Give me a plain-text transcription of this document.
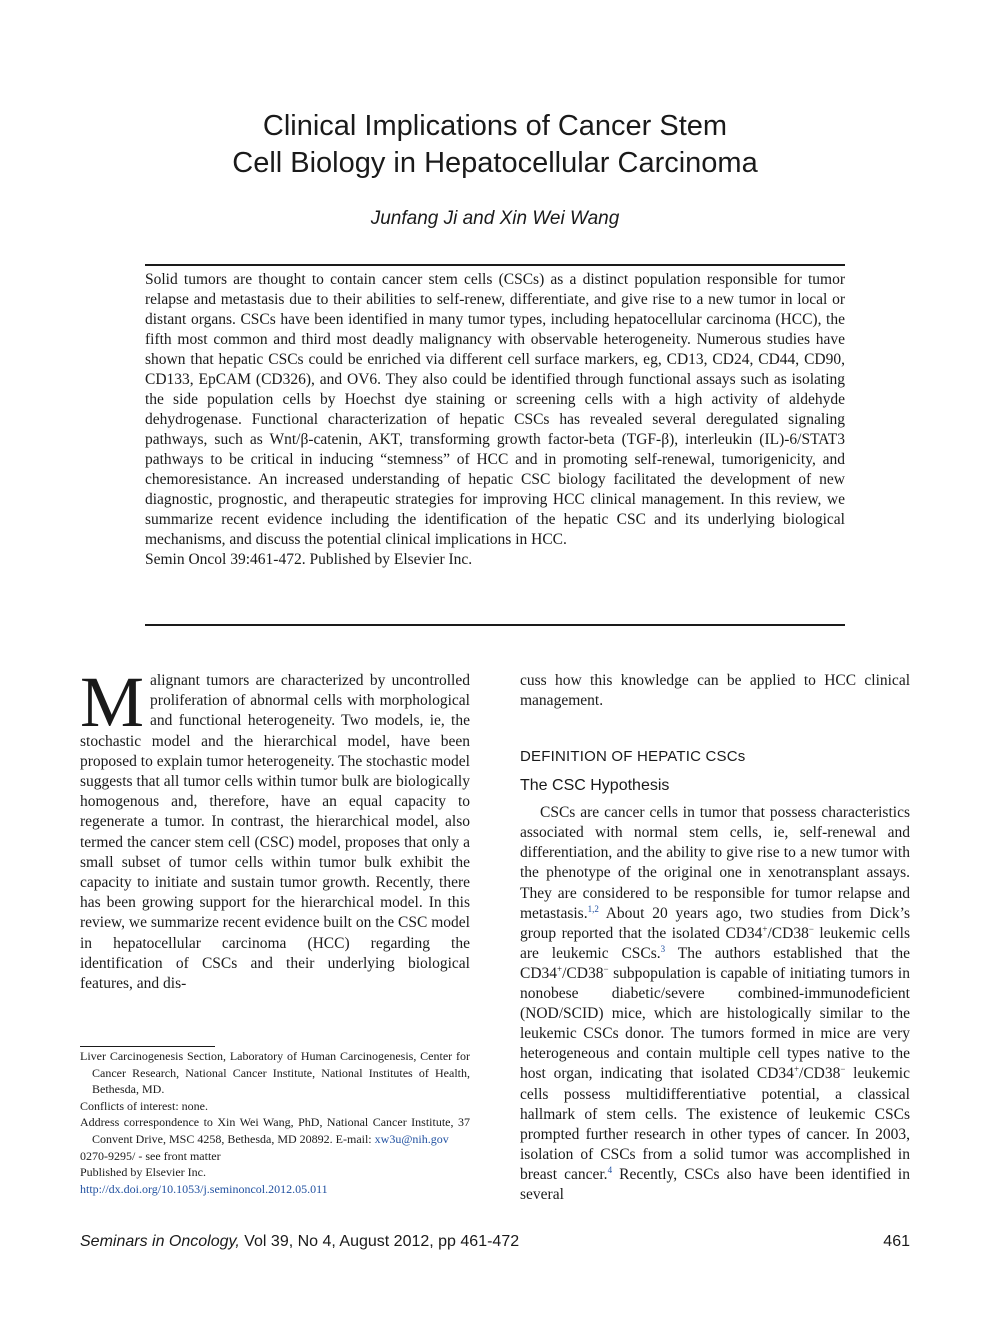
Clinical Implications of Cancer Stem
Cell Biology in Hepatocellular Carcinoma
Junfang Ji and Xin Wei Wang

Solid tumors are thought to contain cancer stem cells (CSCs) as a distinct population responsible for tumor relapse and metastasis due to their abilities to self-renew, differentiate, and give rise to a new tumor in local or distant organs. CSCs have been identified in many tumor types, including hepatocellular carcinoma (HCC), the fifth most common and third most deadly malignancy with observable heterogeneity. Numerous studies have shown that hepatic CSCs could be enriched via different cell surface markers, eg, CD13, CD24, CD44, CD90, CD133, EpCAM (CD326), and OV6. They also could be identified through functional assays such as isolating the side population cells by Hoechst dye staining or screening cells with a high activity of aldehyde dehydrogenase. Functional characterization of hepatic CSCs has revealed several deregulated signaling pathways, such as Wnt/β-catenin, AKT, transforming growth factor-beta (TGF-β), interleukin (IL)-6/STAT3 pathways to be critical in inducing “stemness” of HCC and in promoting self-renewal, tumorigenicity, and chemoresistance. An increased understanding of hepatic CSC biology facilitated the development of new diagnostic, prognostic, and therapeutic strategies for improving HCC clinical management. In this review, we summarize recent evidence including the identification of the hepatic CSC and its underlying biological mechanisms, and discuss the potential clinical implications in HCC.

Semin Oncol 39:461-472. Published by Elsevier Inc.

Malignant tumors are characterized by uncontrolled proliferation of abnormal cells with morphological and functional heterogeneity. Two models, ie, the stochastic model and the hierarchical model, have been proposed to explain tumor heterogeneity. The stochastic model suggests that all tumor cells within tumor bulk are biologically homogenous and, therefore, have an equal capacity to regenerate a tumor. In contrast, the hierarchical model, also termed the cancer stem cell (CSC) model, proposes that only a small subset of tumor cells within tumor bulk exhibit the capacity to initiate and sustain tumor growth. Recently, there has been growing support for the hierarchical model. In this review, we summarize recent evidence built on the CSC model in hepatocellular carcinoma (HCC) regarding the identification of CSCs and their underlying biological features, and dis-

cuss how this knowledge can be applied to HCC clinical management.

DEFINITION OF HEPATIC CSCs
The CSC Hypothesis

CSCs are cancer cells in tumor that possess characteristics associated with normal stem cells, ie, self-renewal and differentiation, and the ability to give rise to a new tumor with the phenotype of the original one in xenotransplant assays. They are considered to be responsible for tumor relapse and metastasis.$^{1,2}$ About 20 years ago, two studies from Dick’s group reported that the isolated CD34+/CD38− leukemic cells are leukemic CSCs.$^3$ The authors established that the CD34+/CD38− subpopulation is capable of initiating tumors in nonobese diabetic/severe combined-immunodeficient (NOD/SCID) mice, which are histologically similar to the leukemic CSCs donor. The tumors formed in mice are very heterogeneous and contain multiple cell types native to the host organ, indicating that isolated CD34+/CD38− leukemic cells possess multidifferentiative potential, a classical hallmark of stem cells. The existence of leukemic CSCs prompted further research in other types of cancer. In 2003, isolation of CSCs from a solid tumor was accomplished in breast cancer.$^4$ Recently, CSCs also have been identified in several

Liver Carcinogenesis Section, Laboratory of Human Carcinogenesis, Center for Cancer Research, National Cancer Institute, National Institutes of Health, Bethesda, MD.

Conflicts of interest: none.

Address correspondence to Xin Wei Wang, PhD, National Cancer Institute, 37 Convent Drive, MSC 4258, Bethesda, MD 20892. E-mail: xw3u@nih.gov

0270-9295/ - see front matter

Published by Elsevier Inc.

http://dx.doi.org/10.1053/j.seminoncol.2012.05.011

Seminars in Oncology, Vol 39, No 4, August 2012, pp 461-472	461
